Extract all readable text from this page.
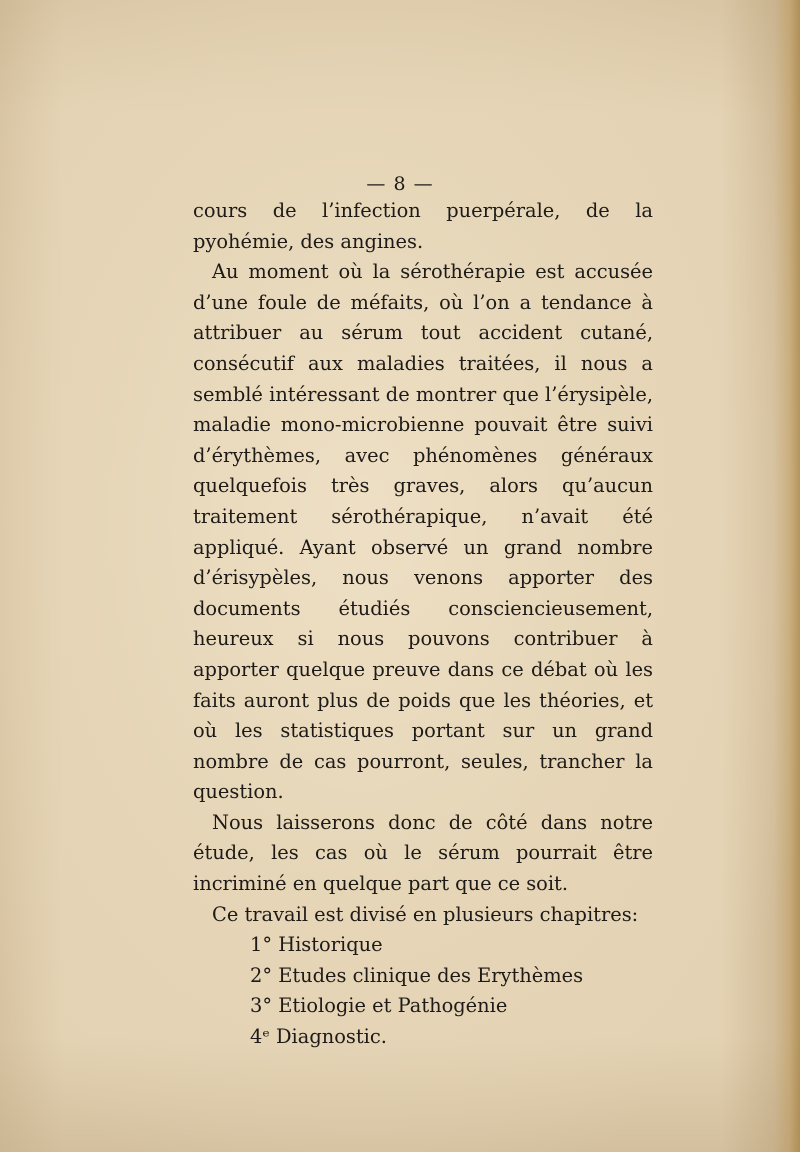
— 8 —

cours de l’infection puerpérale, de la pyohémie, des angines.

Au moment où la sérothérapie est accusée d’une foule de méfaits, où l’on a tendance à attribuer au sérum tout accident cutané, consécutif aux maladies traitées, il nous a semblé intéressant de montrer que l’érysipèle, maladie mono-microbienne pouvait être suivi d’érythèmes, avec phénomènes généraux quelquefois très graves, alors qu’aucun traitement sérothérapique, n’avait été appliqué. Ayant observé un grand nombre d’érisypèles, nous venons apporter des documents étudiés consciencieusement, heureux si nous pouvons contribuer à apporter quelque preuve dans ce débat où les faits auront plus de poids que les théories, et où les statistiques portant sur un grand nombre de cas pourront, seules, trancher la question.

Nous laisserons donc de côté dans notre étude, les cas où le sérum pourrait être incriminé en quelque part que ce soit.

Ce travail est divisé en plusieurs chapitres:

1° Historique
2° Etudes clinique des Erythèmes
3° Etiologie et Pathogénie
4ᵉ Diagnostic.
